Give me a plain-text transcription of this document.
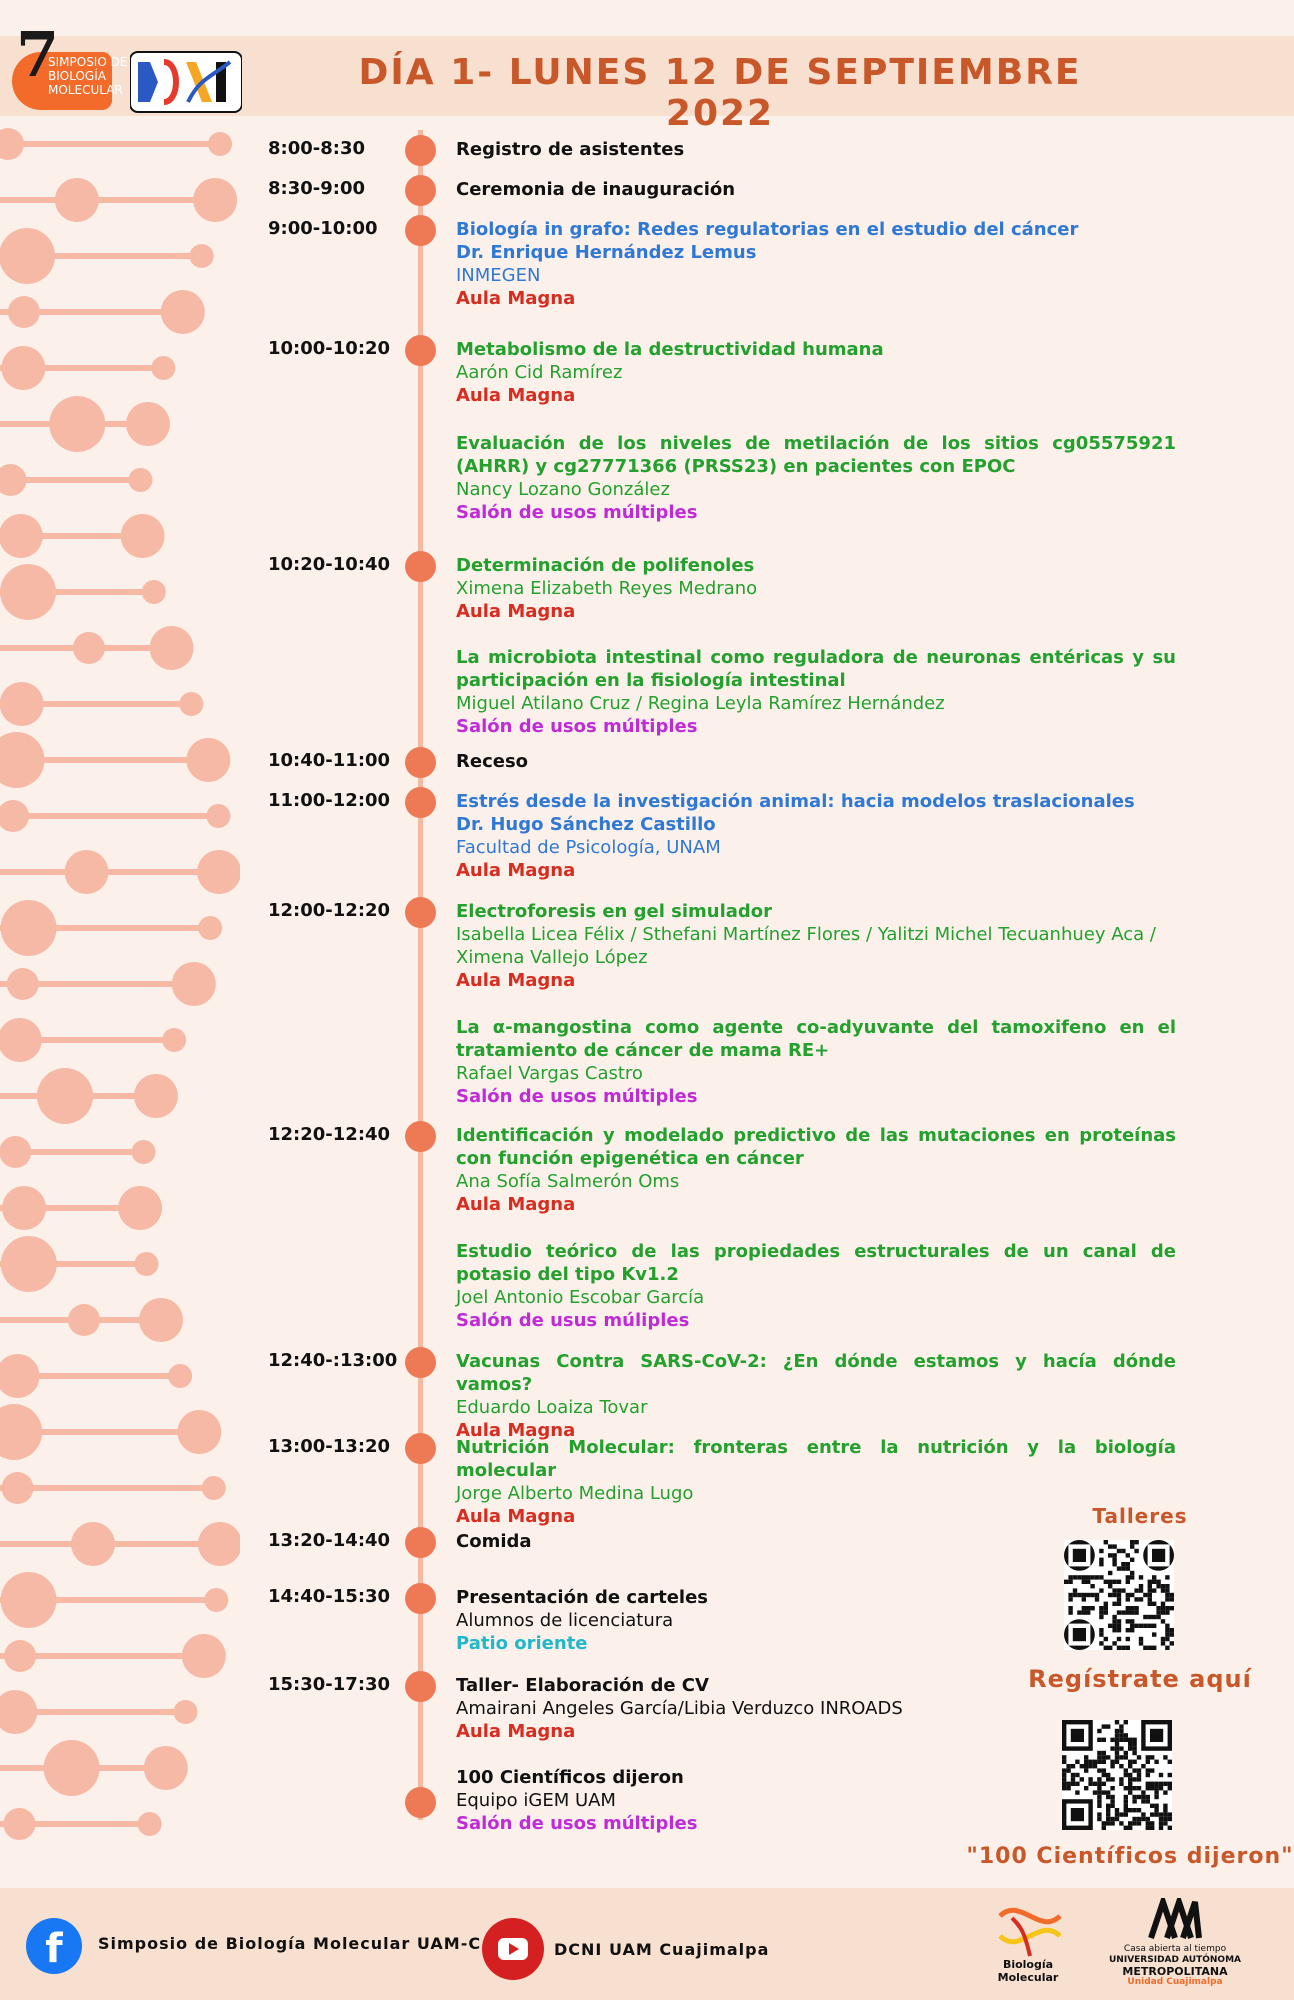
7
SIMPOSIO DE
BIOLOGÍA
MOLECULAR	DÍA 1- LUNES 12 DE SEPTIEMBRE 2022
8:00-8:30	Registro de asistentes
8:30-9:00	Ceremonia de inauguración
9:00-10:00	Biología in grafo: Redes regulatorias en el estudio del cáncer
Dr. Enrique Hernández Lemus
INMEGEN
Aula Magna
10:00-10:20	Metabolismo de la destructividad humana
Aarón Cid Ramírez
Aula Magna
Evaluación de los niveles de metilación de los sitios cg05575921 (AHRR) y cg27771366 (PRSS23) en pacientes con EPOC
Nancy Lozano González
Salón de usos múltiples
10:20-10:40	Determinación de polifenoles
Ximena Elizabeth Reyes Medrano
Aula Magna
La microbiota intestinal como reguladora de neuronas entéricas y su participación en la fisiología intestinal
Miguel Atilano Cruz / Regina Leyla Ramírez Hernández
Salón de usos múltiples
10:40-11:00	Receso
11:00-12:00	Estrés desde la investigación animal: hacia modelos traslacionales
Dr. Hugo Sánchez Castillo
Facultad de Psicología, UNAM
Aula Magna
12:00-12:20	Electroforesis en gel simulador
Isabella Licea Félix / Sthefani Martínez Flores / Yalitzi Michel Tecuanhuey Aca / Ximena Vallejo López
Aula Magna
La α-mangostina como agente co-adyuvante del tamoxifeno en el tratamiento de cáncer de mama RE+
Rafael Vargas Castro
Salón de usos múltiples
12:20-12:40	Identificación y modelado predictivo de las mutaciones en proteínas con función epigenética en cáncer
Ana Sofía Salmerón Oms
Aula Magna
Estudio teórico de las propiedades estructurales de un canal de potasio del tipo Kv1.2
Joel Antonio Escobar García
Salón de usus múliples
12:40-:13:00	Vacunas Contra SARS-CoV-2: ¿En dónde estamos y hacía dónde vamos?
Eduardo Loaiza Tovar
Aula Magna
13:00-13:20	Nutrición Molecular: fronteras entre la nutrición y la biología molecular
Jorge Alberto Medina Lugo
Aula Magna
13:20-14:40	Comida
14:40-15:30	Presentación de carteles
Alumnos de licenciatura
Patio oriente
15:30-17:30	Taller- Elaboración de CV
Amairani Angeles García/Libia Verduzco INROADS
Aula Magna
100 Científicos dijeron
Equipo iGEM UAM
Salón de usos múltiples
Talleres
Regístrate aquí
"100 Científicos dijeron"
f	Simposio de Biología Molecular UAM-C	DCNI UAM Cuajimalpa
Biología
Molecular
Casa abierta al tiempo
UNIVERSIDAD AUTÓNOMA
METROPOLITANA
Unidad Cuajimalpa
